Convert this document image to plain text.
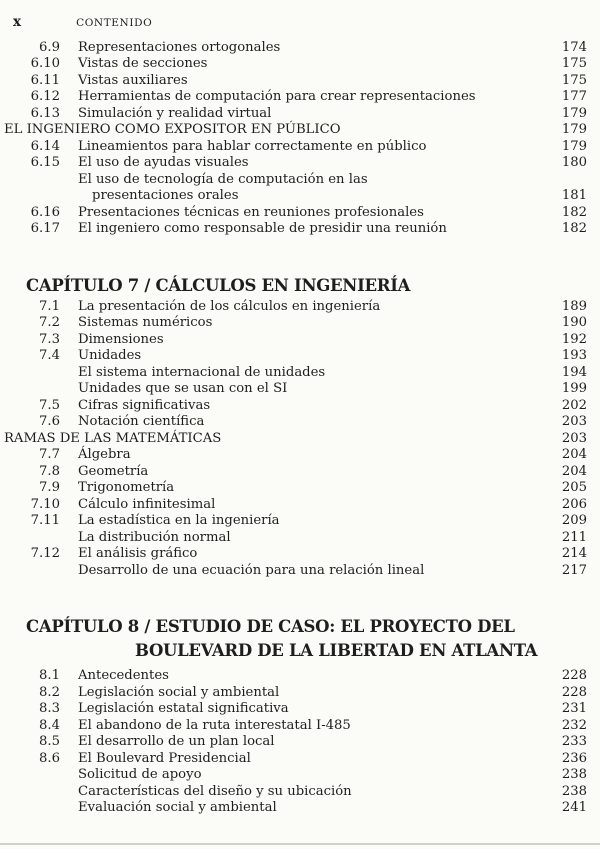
x	CONTENIDO
6.9 Representaciones ortogonales	174
6.10 Vistas de secciones	175
6.11 Vistas auxiliares	175
6.12 Herramientas de computación para crear representaciones	177
6.13 Simulación y realidad virtual	179
EL INGENIERO COMO EXPOSITOR EN PÚBLICO	179
6.14 Lineamientos para hablar correctamente en público	179
6.15 El uso de ayudas visuales	180
El uso de tecnología de computación en las
presentaciones orales	181
6.16 Presentaciones técnicas en reuniones profesionales	182
6.17 El ingeniero como responsable de presidir una reunión	182
CAPÍTULO 7 / CÁLCULOS EN INGENIERÍA
7.1 La presentación de los cálculos en ingeniería	189
7.2 Sistemas numéricos	190
7.3 Dimensiones	192
7.4 Unidades	193
El sistema internacional de unidades	194
Unidades que se usan con el SI	199
7.5 Cifras significativas	202
7.6 Notación científica	203
RAMAS DE LAS MATEMÁTICAS	203
7.7 Álgebra	204
7.8 Geometría	204
7.9 Trigonometría	205
7.10 Cálculo infinitesimal	206
7.11 La estadística en la ingeniería	209
La distribución normal	211
7.12 El análisis gráfico	214
Desarrollo de una ecuación para una relación lineal	217
CAPÍTULO 8 / ESTUDIO DE CASO: EL PROYECTO DEL
BOULEVARD DE LA LIBERTAD EN ATLANTA
8.1 Antecedentes	228
8.2 Legislación social y ambiental	228
8.3 Legislación estatal significativa	231
8.4 El abandono de la ruta interestatal I-485	232
8.5 El desarrollo de un plan local	233
8.6 El Boulevard Presidencial	236
Solicitud de apoyo	238
Características del diseño y su ubicación	238
Evaluación social y ambiental	241
